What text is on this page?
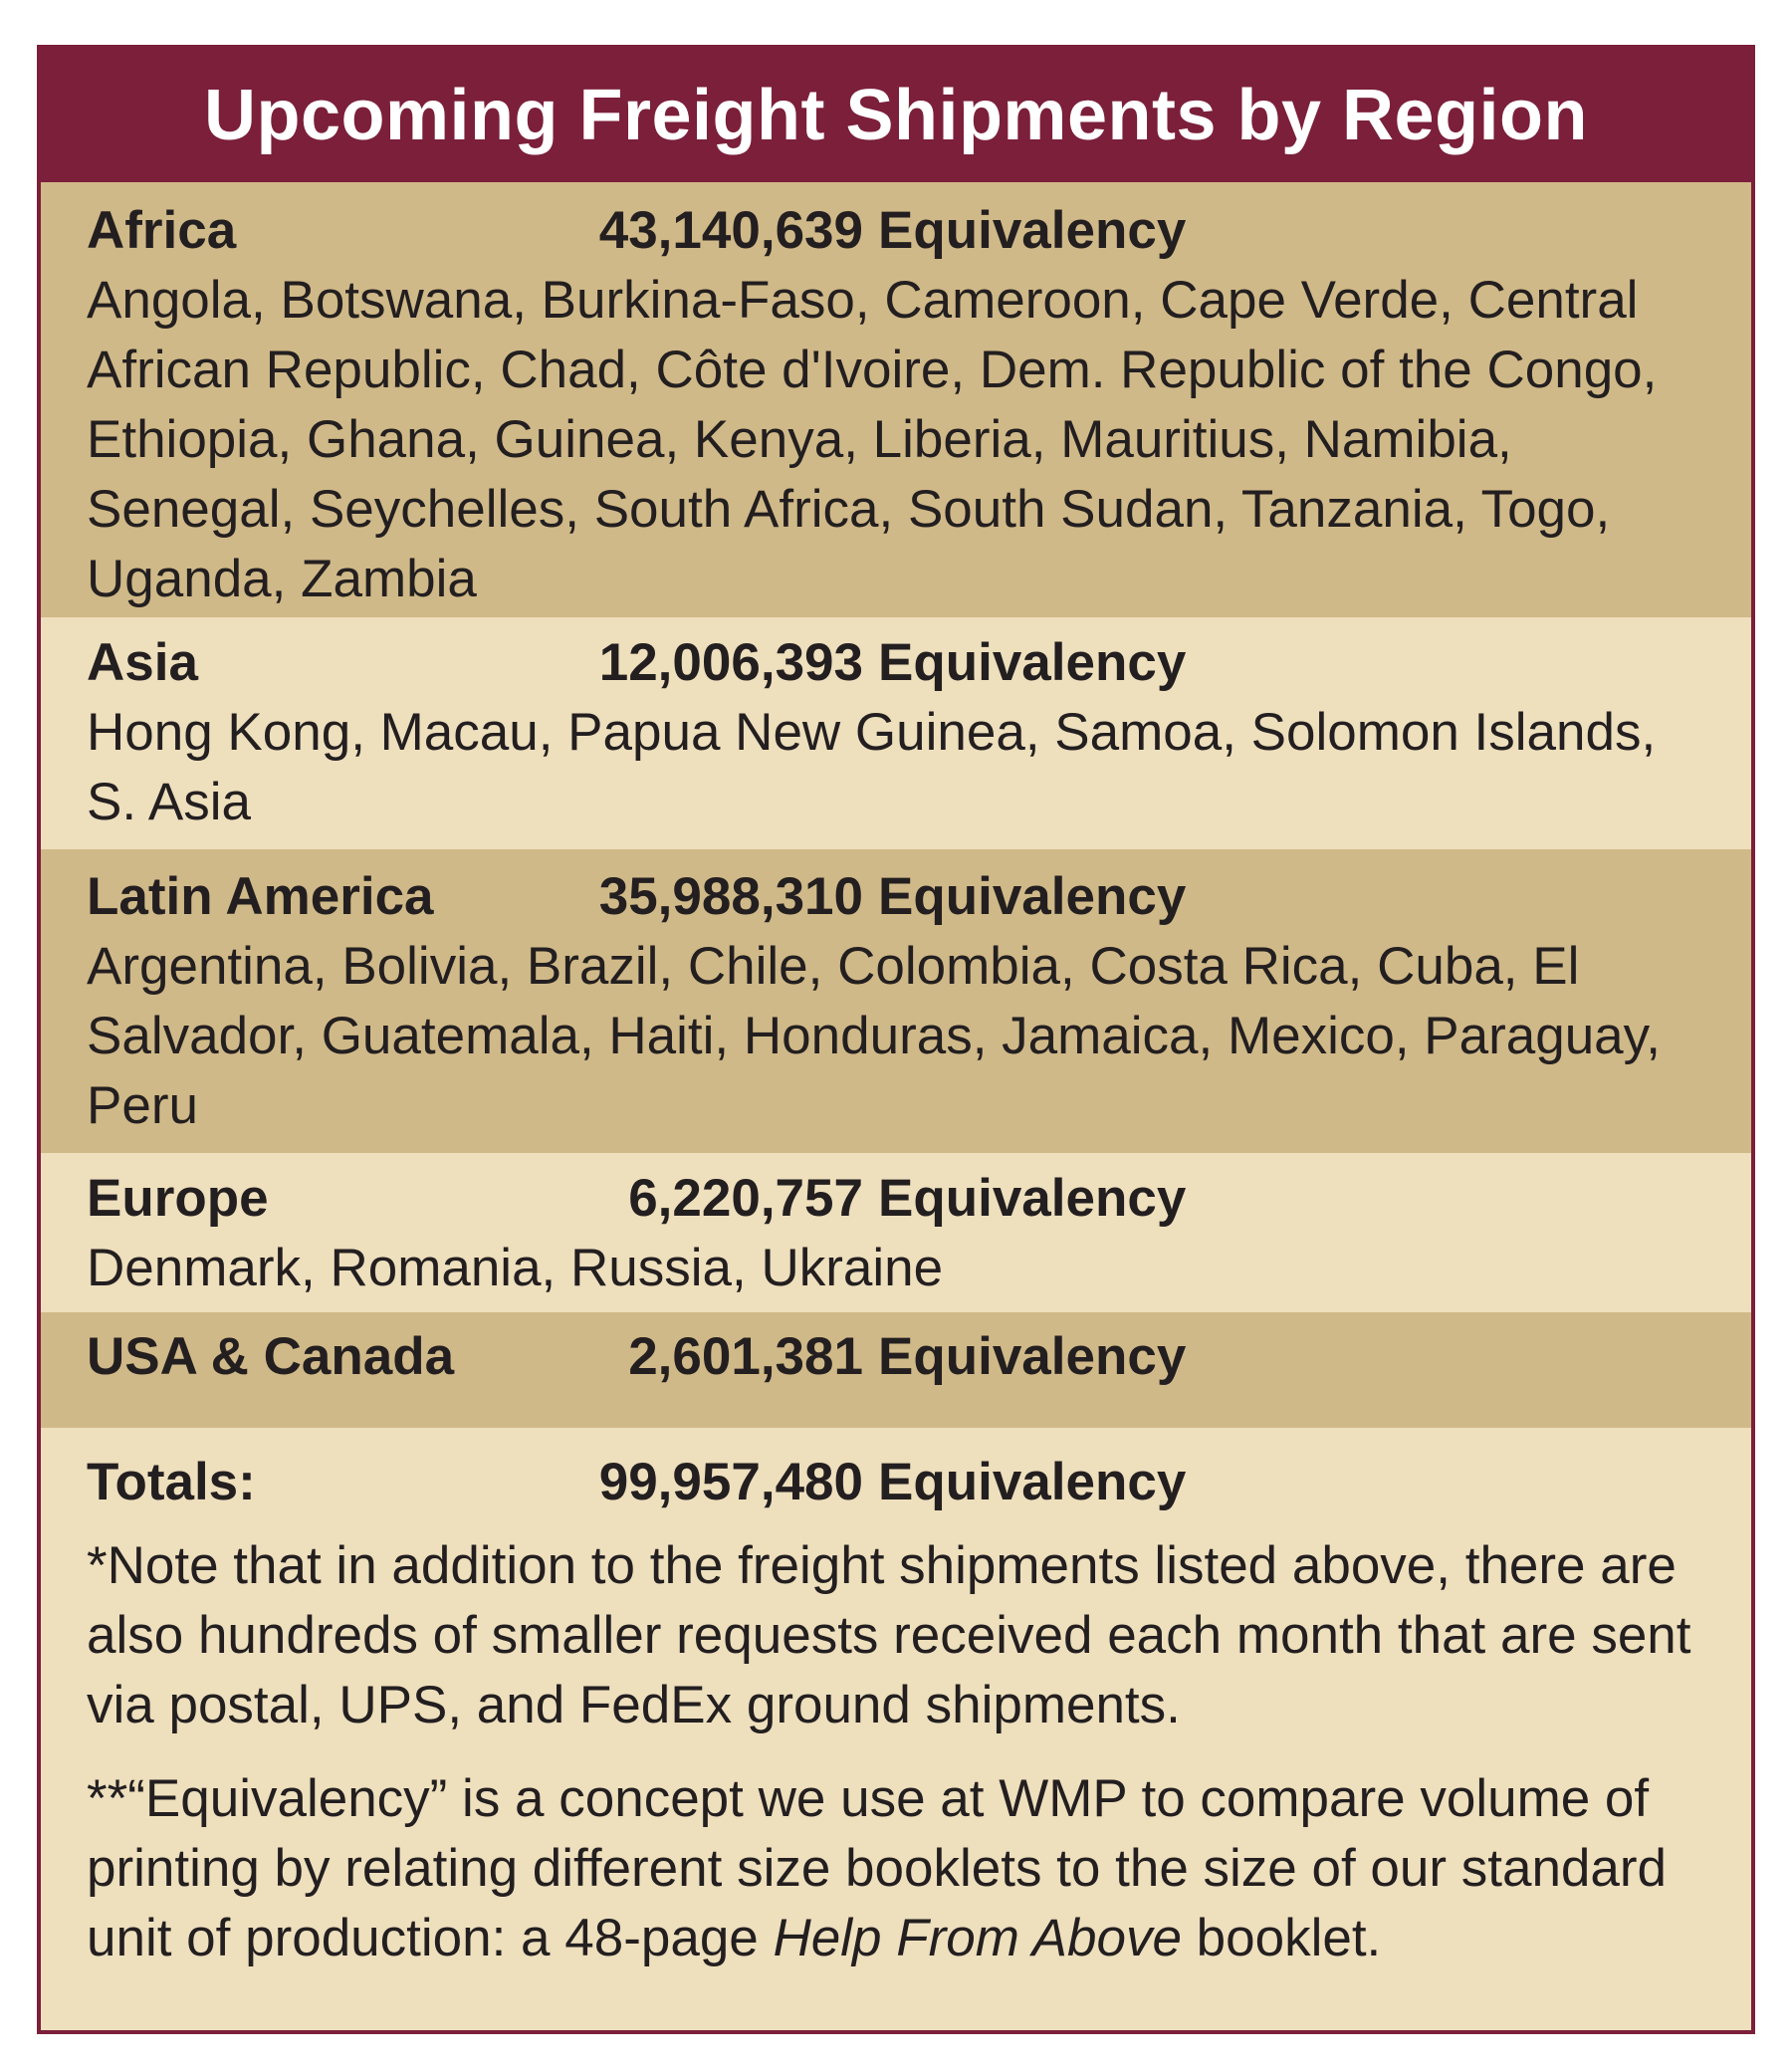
Upcoming Freight Shipments by Region
Africa	43,140,639 Equivalency

Angola, Botswana, Burkina-Faso, Cameroon, Cape Verde, Central African Republic, Chad, Côte d'Ivoire, Dem. Republic of the Congo, Ethiopia, Ghana, Guinea, Kenya, Liberia, Mauritius, Namibia, Senegal, Seychelles, South Africa, South Sudan, Tanzania, Togo, Uganda, Zambia

Asia	12,006,393 Equivalency

Hong Kong, Macau, Papua New Guinea, Samoa, Solomon Islands, S. Asia

Latin America	35,988,310 Equivalency

Argentina, Bolivia, Brazil, Chile, Colombia, Costa Rica, Cuba, El Salvador, Guatemala, Haiti, Honduras, Jamaica, Mexico, Paraguay, Peru

Europe	6,220,757 Equivalency

Denmark, Romania, Russia, Ukraine

USA & Canada	2,601,381 Equivalency
Totals:	99,957,480 Equivalency

*Note that in addition to the freight shipments listed above, there are also hundreds of smaller requests received each month that are sent via postal, UPS, and FedEx ground shipments.

**“Equivalency” is a concept we use at WMP to compare volume of printing by relating different size booklets to the size of our standard unit of production: a 48-page Help From Above booklet.
